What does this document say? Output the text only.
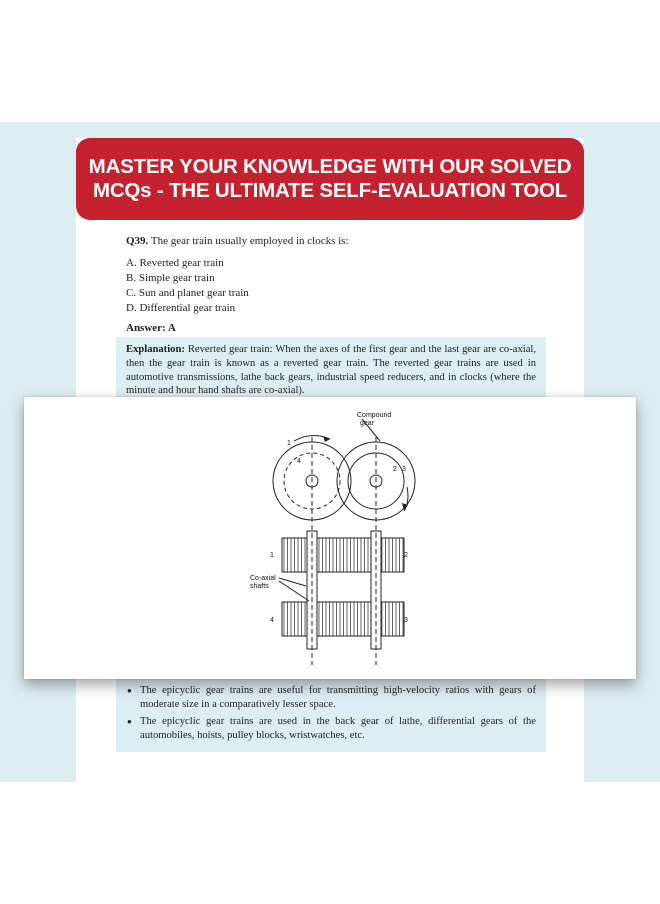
MASTER YOUR KNOWLEDGE WITH OUR SOLVED
MCQs - THE ULTIMATE SELF-EVALUATION TOOL
Q39. The gear train usually employed in clocks is:
A. Reverted gear train
B. Simple gear train
C. Sun and planet gear train
D. Differential gear train
Answer: A
Explanation: Reverted gear train: When the axes of the first gear and the last gear are co-axial, then the gear train is known as a reverted gear train. The reverted gear trains are used in automotive transmissions, lathe back gears, industrial speed reducers, and in clocks (where the minute and hour hand shafts are co-axial).
● The epicyclic gear trains are useful for transmitting high-velocity ratios with gears of moderate size in a comparatively lesser space.
● The epicyclic gear trains are used in the back gear of lathe, differential gears of the automobiles, hoists, pulley blocks, wristwatches, etc.
Compound
gear
1
4
2 3
Co-axial
shafts
1	2
3
4
